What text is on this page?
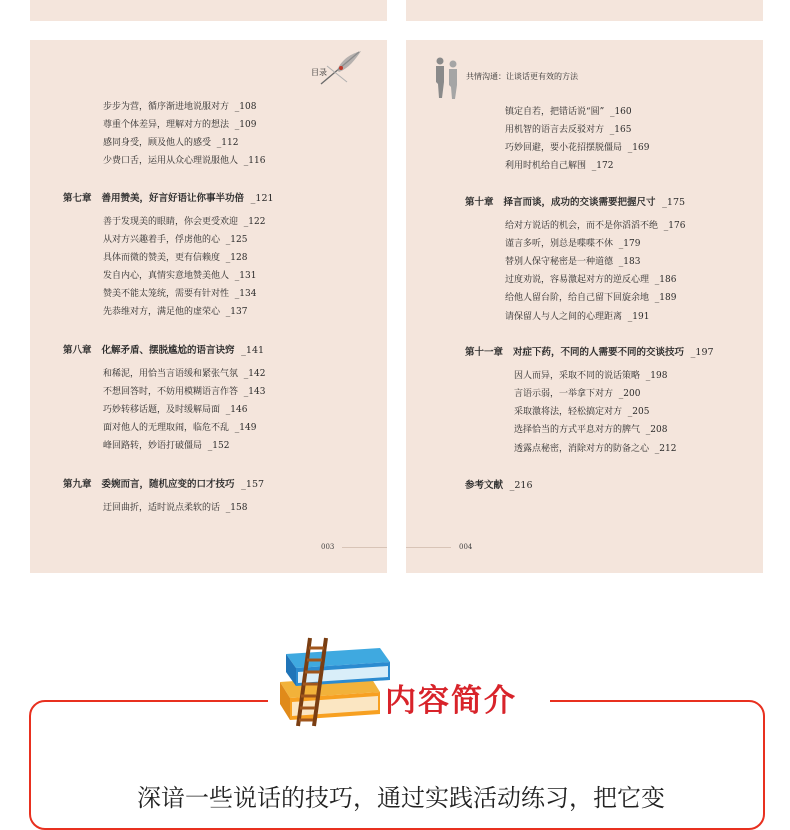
目录
步步为营，循序渐进地说服对方 _108
尊重个体差异，理解对方的想法 _109
感同身受，顾及他人的感受 _112
少费口舌，运用从众心理说服他人 _116
第七章 善用赞美，好言好语让你事半功倍 _121
善于发现美的眼睛，你会更受欢迎 _122
从对方兴趣着手，俘虏他的心 _125
具体而微的赞美，更有信赖度 _128
发自内心，真情实意地赞美他人 _131
赞美不能太笼统，需要有针对性 _134
先恭维对方，满足他的虚荣心 _137
第八章 化解矛盾、摆脱尴尬的语言诀窍 _141
和稀泥，用恰当言语缓和紧张气氛 _142
不想回答时，不妨用模糊语言作答 _143
巧妙转移话题，及时缓解局面 _146
面对他人的无理取闹，临危不乱 _149
峰回路转，妙语打破僵局 _152
第九章 委婉而言，随机应变的口才技巧 _157
迂回曲折，适时说点柔软的话 _158
003
共情沟通：让谈话更有效的方法
镇定自若，把错话说“圆” _160
用机智的语言去反驳对方 _165
巧妙回避，要小花招摆脱僵局 _169
利用时机给自己解围 _172
第十章 择言而谈，成功的交谈需要把握尺寸 _175
给对方说话的机会，而不是你滔滔不绝 _176
谨言多听，别总是喋喋不休 _179
替别人保守秘密是一种道德 _183
过度劝说，容易激起对方的逆反心理 _186
给他人留台阶，给自己留下回旋余地 _189
请保留人与人之间的心理距离 _191
第十一章 对症下药，不同的人需要不同的交谈技巧 _197
因人而异，采取不同的说话策略 _198
言语示弱，一举拿下对方 _200
采取激将法，轻松搞定对方 _205
选择恰当的方式平息对方的脾气 _208
透露点秘密，消除对方的防备之心 _212
参考文献 _216
004
内容简介
深谙一些说话的技巧，通过实践活动练习，把它变
